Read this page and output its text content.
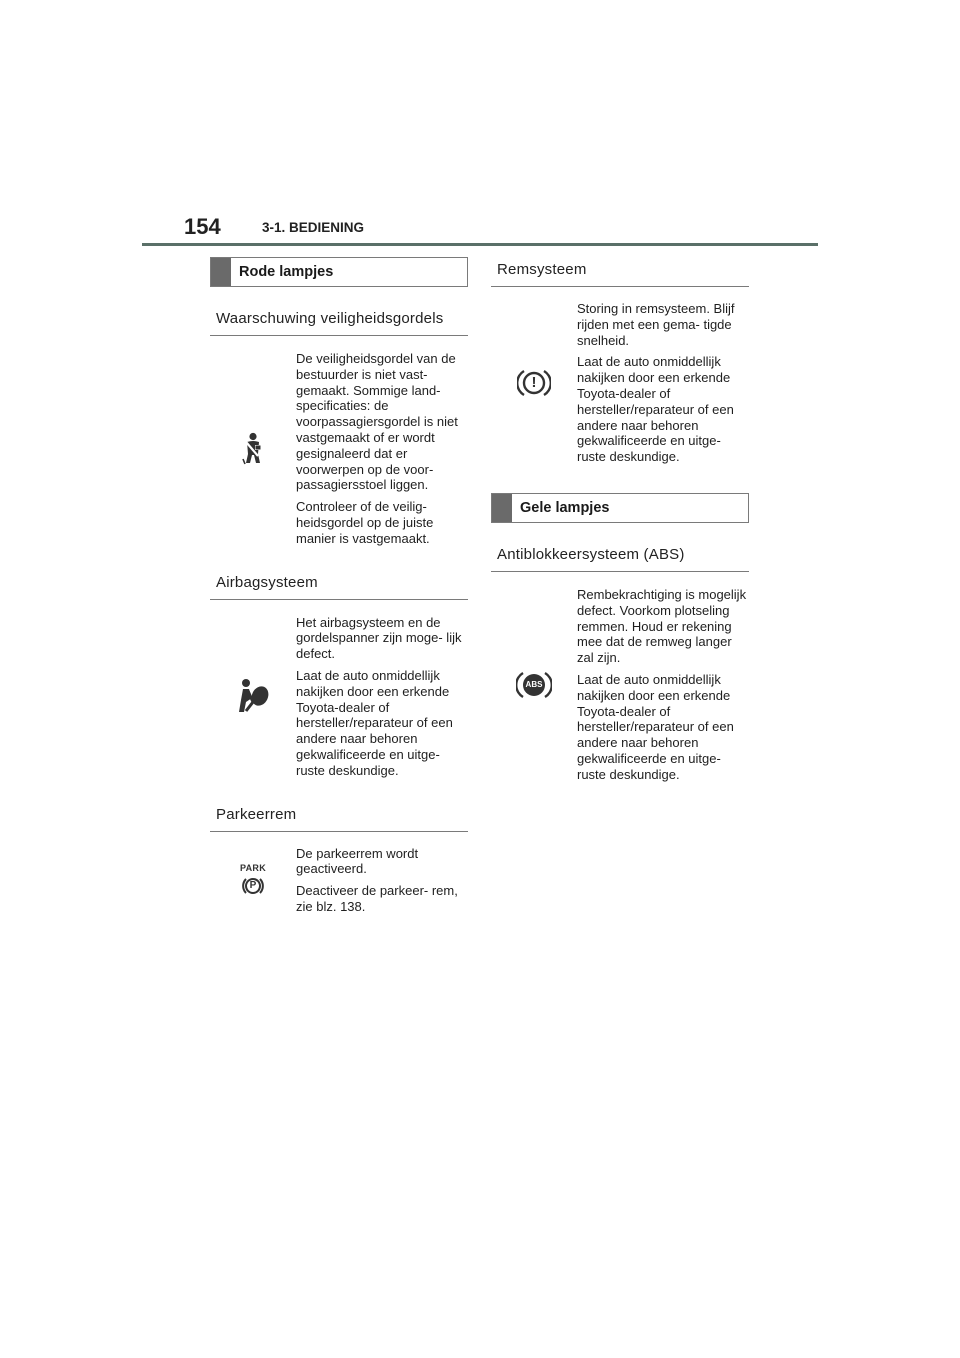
154	3-1. BEDIENING
Rode lampjes
Waarschuwing veiligheidsgordels

De veiligheidsgordel van de bestuurder is niet vast- gemaakt. Sommige land- specificaties: de voorpassagiersgordel is niet vastgemaakt of er wordt gesignaleerd dat er voorwerpen op de voor- passagiersstoel liggen.

Controleer of de veilig- heidsgordel op de juiste manier is vastgemaakt.

Airbagsysteem

Het airbagsysteem en de gordelspanner zijn moge- lijk defect.

Laat de auto onmiddellijk nakijken door een erkende Toyota-dealer of hersteller/reparateur of een andere naar behoren gekwalificeerde en uitge- ruste deskundige.

Parkeerrem
PARK
P

De parkeerrem wordt geactiveerd.

Deactiveer de parkeer- rem, zie blz. 138.

Remsysteem
!

Storing in remsysteem. Blijf rijden met een gema- tigde snelheid.

Laat de auto onmiddellijk nakijken door een erkende Toyota-dealer of hersteller/reparateur of een andere naar behoren gekwalificeerde en uitge- ruste deskundige.

Gele lampjes
Antiblokkeersysteem (ABS)
ABS

Rembekrachtiging is mogelijk defect. Voorkom plotseling remmen. Houd er rekening mee dat de remweg langer zal zijn.

Laat de auto onmiddellijk nakijken door een erkende Toyota-dealer of hersteller/reparateur of een andere naar behoren gekwalificeerde en uitge- ruste deskundige.
